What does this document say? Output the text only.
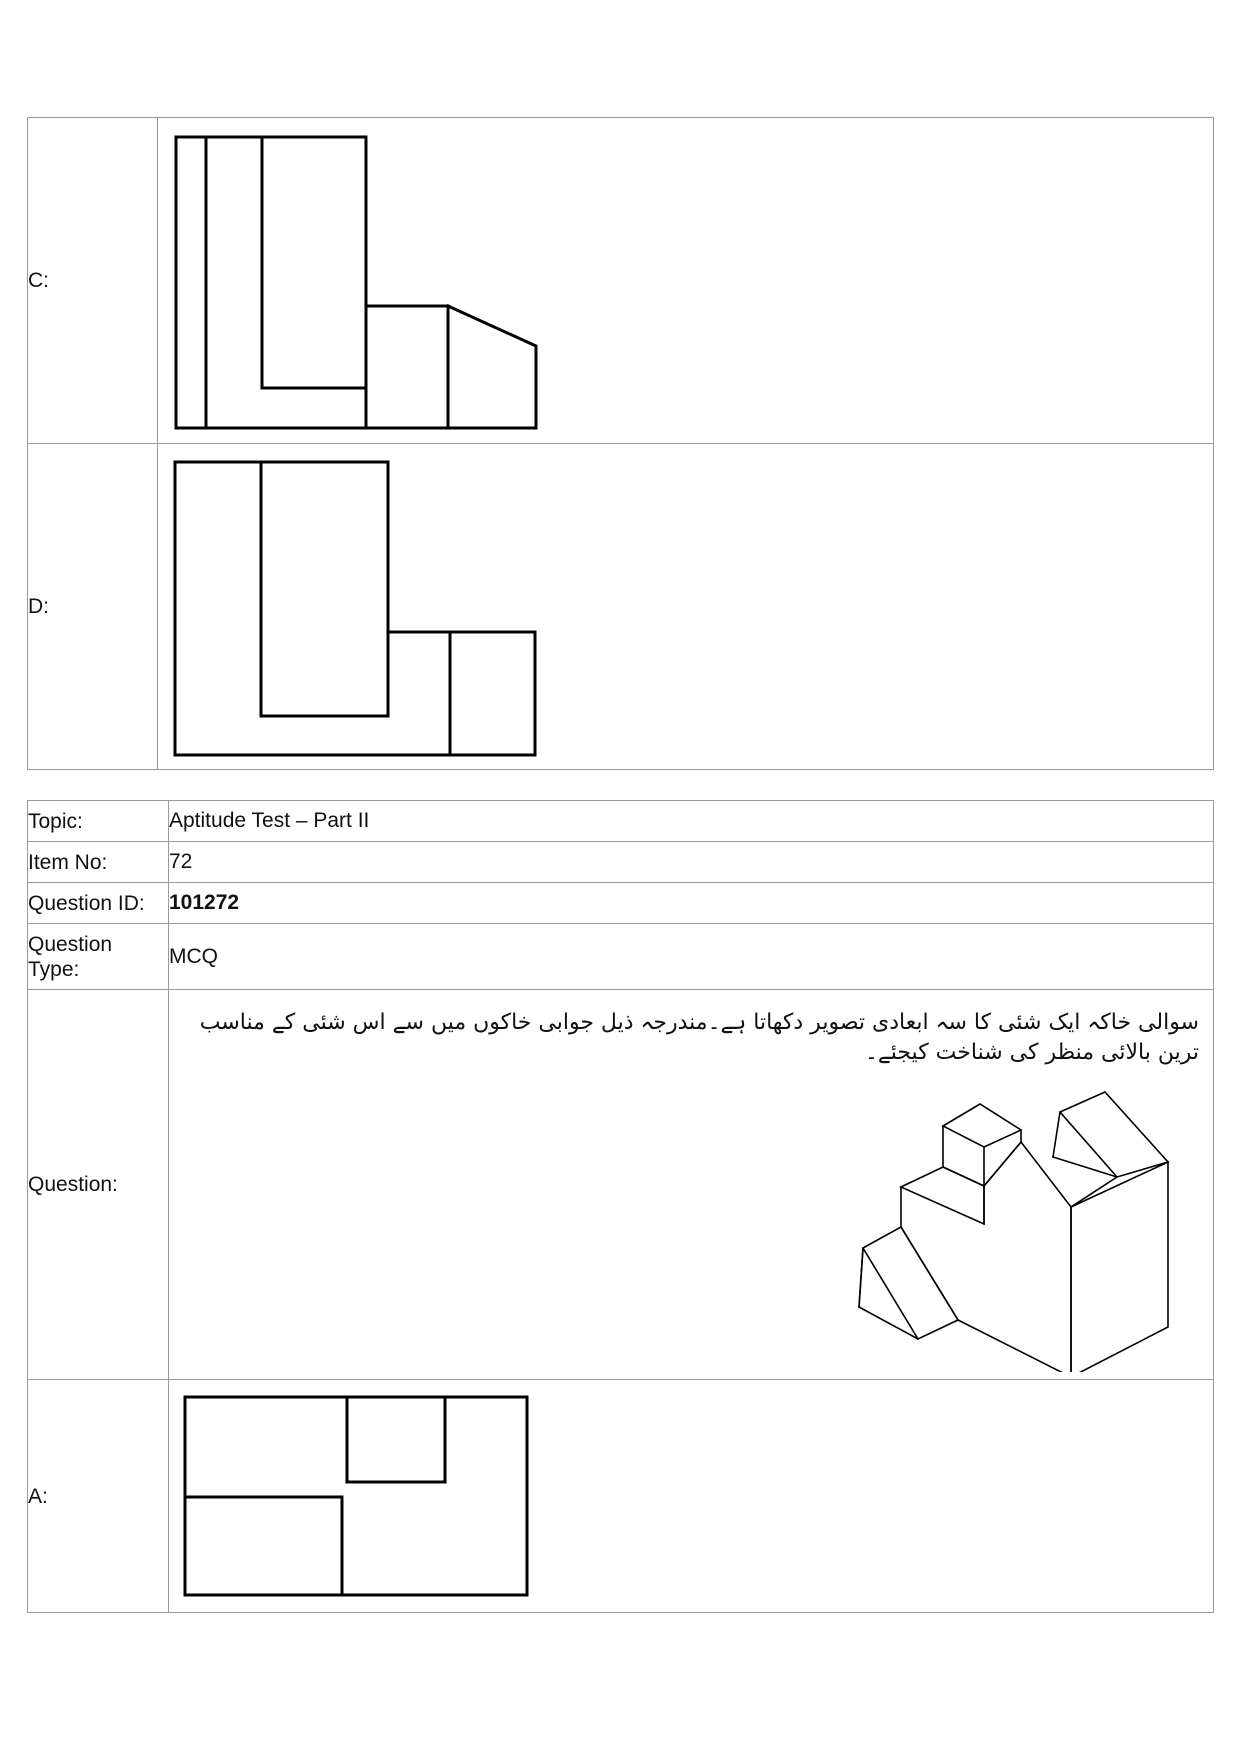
C:	

D:	
Topic:	Aptitude Test – Part II
Item No:	72
Question ID:	101272
Question Type:	MCQ
Question:	سوالی خاکہ ایک شئی کا سہ ابعادی تصویر دکھاتا ہے۔مندرجہ ذیل جوابی خاکوں میں سے اس شئی کے مناسب ترین بالائی منظر کی شناخت کیجئے۔

A:	
